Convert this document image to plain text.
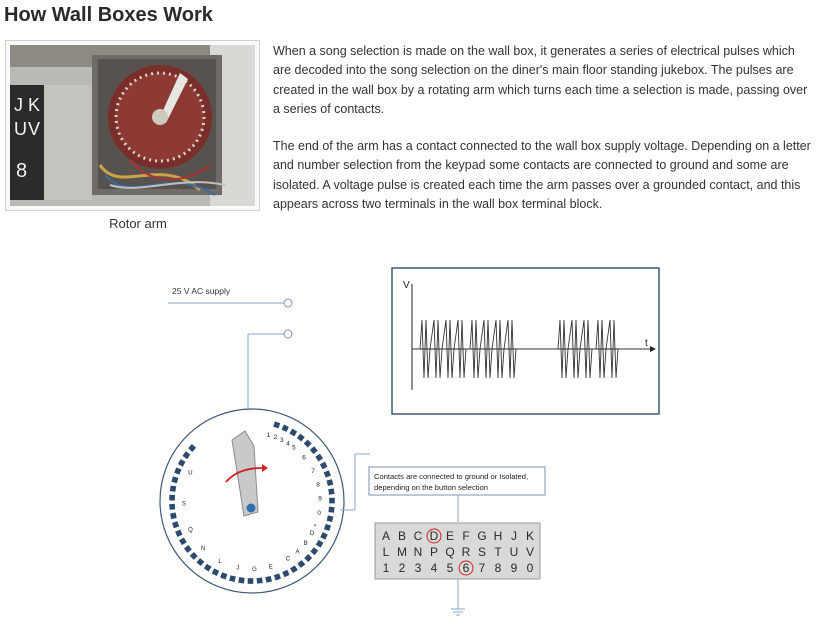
How Wall Boxes Work
J K
U V
8
Rotor arm

When a song selection is made on the wall box, it generates a series of electrical pulses which are decoded into the song selection on the diner's main floor standing jukebox. The pulses are created in the wall box by a rotating arm which turns each time a selection is made, passing over a series of contacts.

The end of the arm has a contact connected to the wall box supply voltage. Depending on a letter and number selection from the keypad some contacts are connected to ground and some are isolated. A voltage pulse is created each time the arm passes over a grounded contact, and this appears across two terminals in the wall box terminal block.

25 V AC supply	V
t
1 2 3 4
5
6
7
8
9
0
*
U
S
Q
N
L
J G E
C
A
B
D
Contacts are connected to ground or Isolated,
depending on the button selection
A B C D E F G H J K
L M N P Q R S T U V
1 2 3 4 5 6 7 8 9 0
